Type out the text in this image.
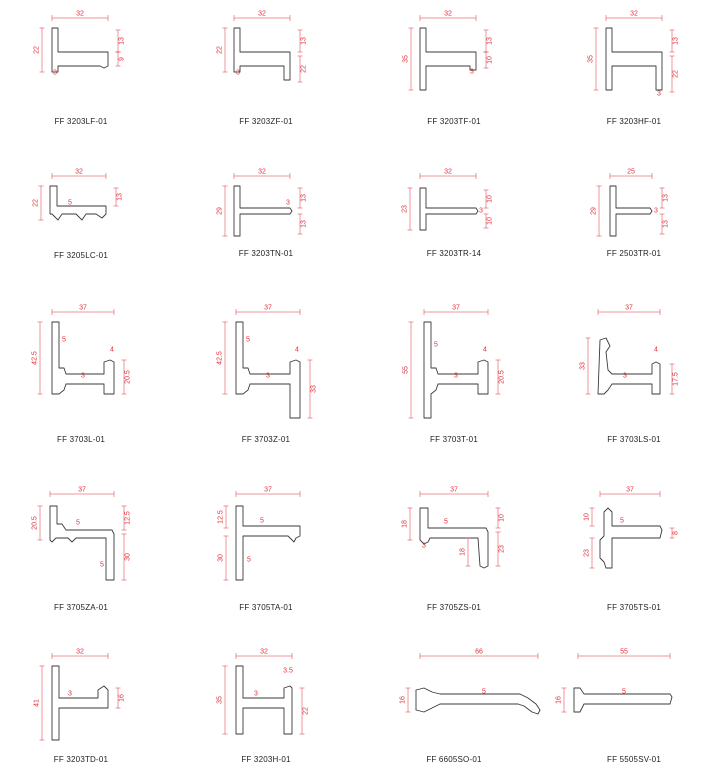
32
22
13
9
3
32
22
13
22
3
32
35
13
10
3
32
35
13
22
3
32
22
13
5
32
29
13
13
3
32
23
10
10
3
25
29
13
13
3
37
42.5
5
4
3	20.5
37
42.5
5
4
3
33
37
55
5
4
3	20.5
37
33
4
3	17.5
37
20.5	5	12.5
30
5
37
12.5	5
30	5
37
18	5
10
3
18	23
37
10
5
23
8
32
41
3
16
32
3.5
35
3
22
66
16
5
55
16
5
FF 3203LF-01	FF 3203ZF-01	FF 3203TF-01	FF 3203HF-01
FF 3205LC-01	FF 3203TN-01	FF 3203TR-14	FF 2503TR-01
FF 3703L-01	FF 3703Z-01	FF 3703T-01	FF 3703LS-01
FF 3705ZA-01	FF 3705TA-01	FF 3705ZS-01	FF 3705TS-01
FF 3203TD-01	FF 3203H-01	FF 6605SO-01	FF 5505SV-01
